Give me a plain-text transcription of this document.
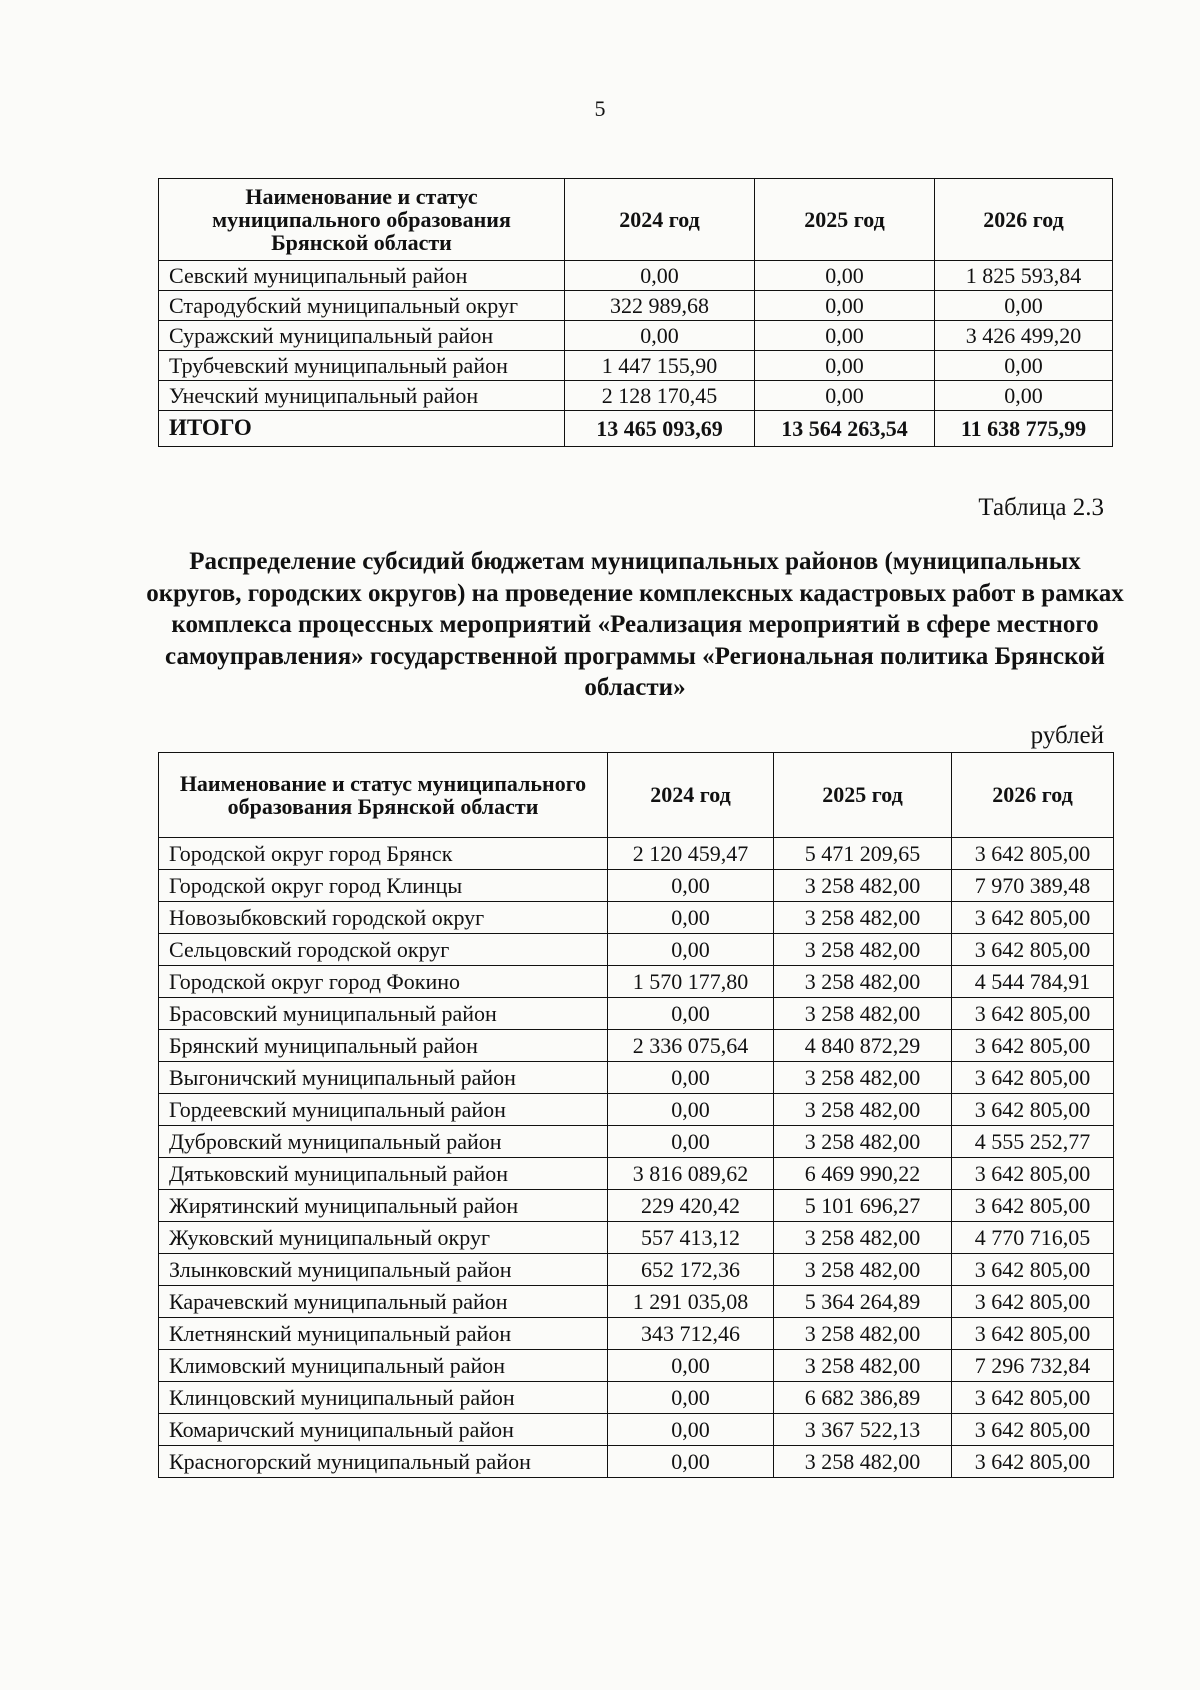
5
Наименование и статус муниципального образования Брянской области	2024 год	2025 год	2026 год
Севский муниципальный район	0,00	0,00	1 825 593,84
Стародубский муниципальный округ	322 989,68	0,00	0,00
Суражский муниципальный район	0,00	0,00	3 426 499,20
Трубчевский муниципальный район	1 447 155,90	0,00	0,00
Унечский муниципальный район	2 128 170,45	0,00	0,00
ИТОГО	13 465 093,69	13 564 263,54	11 638 775,99
Таблица 2.3
Распределение субсидий бюджетам муниципальных районов (муниципальных округов, городских округов) на проведение комплексных кадастровых работ в рамках комплекса процессных мероприятий «Реализация мероприятий в сфере местного самоуправления» государственной программы «Региональная политика Брянской области»
рублей
Наименование и статус муниципального образования Брянской области	2024 год	2025 год	2026 год
Городской округ город Брянск	2 120 459,47	5 471 209,65	3 642 805,00
Городской округ город Клинцы	0,00	3 258 482,00	7 970 389,48
Новозыбковский городской округ	0,00	3 258 482,00	3 642 805,00
Сельцовский городской округ	0,00	3 258 482,00	3 642 805,00
Городской округ город Фокино	1 570 177,80	3 258 482,00	4 544 784,91
Брасовский муниципальный район	0,00	3 258 482,00	3 642 805,00
Брянский муниципальный район	2 336 075,64	4 840 872,29	3 642 805,00
Выгоничский муниципальный район	0,00	3 258 482,00	3 642 805,00
Гордеевский муниципальный район	0,00	3 258 482,00	3 642 805,00
Дубровский муниципальный район	0,00	3 258 482,00	4 555 252,77
Дятьковский муниципальный район	3 816 089,62	6 469 990,22	3 642 805,00
Жирятинский муниципальный район	229 420,42	5 101 696,27	3 642 805,00
Жуковский муниципальный округ	557 413,12	3 258 482,00	4 770 716,05
Злынковский муниципальный район	652 172,36	3 258 482,00	3 642 805,00
Карачевский муниципальный район	1 291 035,08	5 364 264,89	3 642 805,00
Клетнянский муниципальный район	343 712,46	3 258 482,00	3 642 805,00
Климовский муниципальный район	0,00	3 258 482,00	7 296 732,84
Клинцовский муниципальный район	0,00	6 682 386,89	3 642 805,00
Комаричский муниципальный район	0,00	3 367 522,13	3 642 805,00
Красногорский муниципальный район	0,00	3 258 482,00	3 642 805,00
